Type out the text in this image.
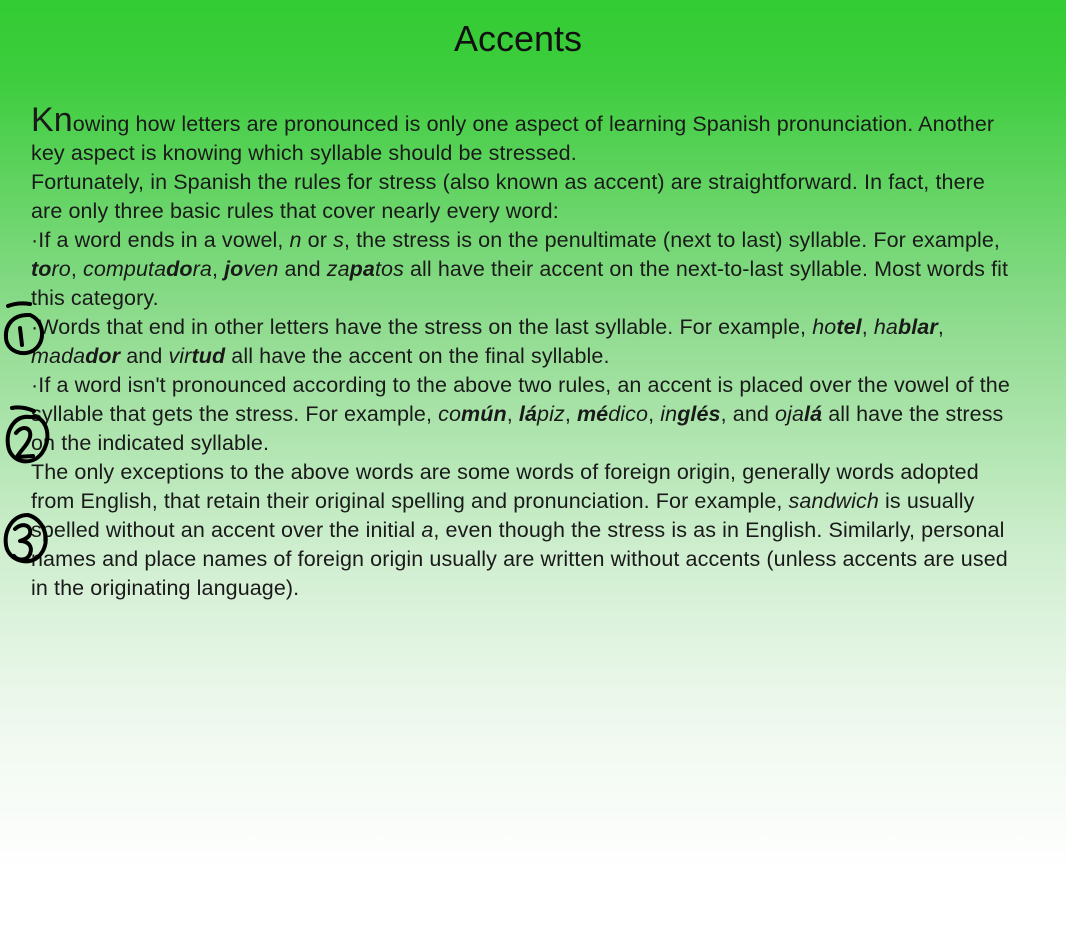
Accents

Knowing how letters are pronounced is only one aspect of learning Spanish pronunciation. Another key aspect is knowing which syllable should be stressed.

Fortunately, in Spanish the rules for stress (also known as accent) are straightforward. In fact, there are only three basic rules that cover nearly every word:

·If a word ends in a vowel, n or s, the stress is on the penultimate (next to last) syllable. For example, toro, computadora, joven and zapatos all have their accent on the next-to-last syllable. Most words fit this category.

·Words that end in other letters have the stress on the last syllable. For example, hotel, hablar, madador and virtud all have the accent on the final syllable.

·If a word isn't pronounced according to the above two rules, an accent is placed over the vowel of the syllable that gets the stress. For example, común, lápiz, médico, inglés, and ojalá all have the stress on the indicated syllable.

The only exceptions to the above words are some words of foreign origin, generally words adopted from English, that retain their original spelling and pronunciation. For example, sandwich is usually spelled without an accent over the initial a, even though the stress is as in English. Similarly, personal names and place names of foreign origin usually are written without accents (unless accents are used in the originating language).
